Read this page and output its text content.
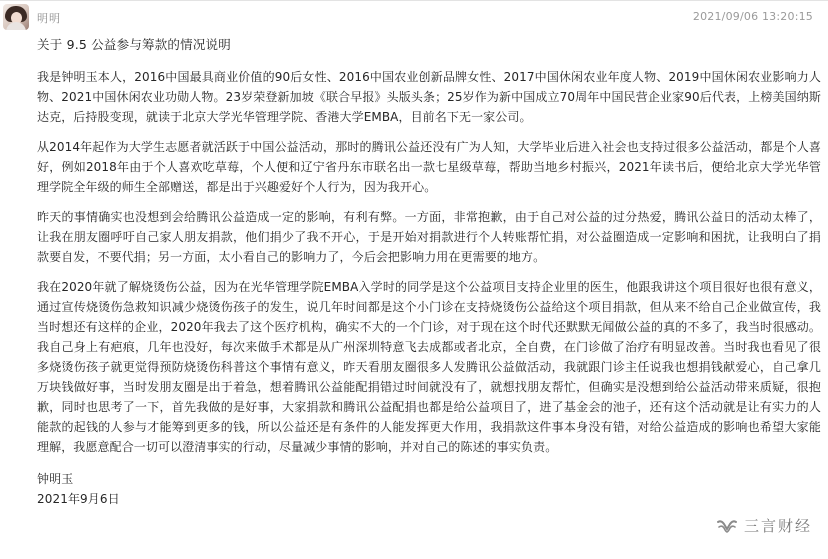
明明	2021/09/06 13:20:15
关于 9.5 公益参与筹款的情况说明

我是钟明玉本人，2016中国最具商业价值的90后女性、2016中国农业创新品牌女性、2017中国休闲农业年度人物、2019中国休闲农业影响力人物、2021中国休闲农业功勋人物。23岁荣登新加坡《联合早报》头版头条；25岁作为新中国成立70周年中国民营企业家90后代表，上榜美国纳斯达克，后持股变现，就读于北京大学光华管理学院、香港大学EMBA，目前名下无一家公司。

从2014年起作为大学生志愿者就活跃于中国公益活动，那时的腾讯公益还没有广为人知，大学毕业后进入社会也支持过很多公益活动，都是个人喜好，例如2018年由于个人喜欢吃草莓，个人便和辽宁省丹东市联名出一款七星级草莓，帮助当地乡村振兴，2021年读书后，便给北京大学光华管理学院全年级的师生全部赠送，都是出于兴趣爱好个人行为，因为我开心。

昨天的事情确实也没想到会给腾讯公益造成一定的影响，有利有弊。一方面，非常抱歉，由于自己对公益的过分热爱，腾讯公益日的活动太棒了，让我在朋友圈呼吁自己家人朋友捐款，他们捐少了我不开心，于是开始对捐款进行个人转账帮忙捐，对公益圈造成一定影响和困扰，让我明白了捐款要自发，不要代捐；另一方面，太小看自己的影响力了，今后会把影响力用在更需要的地方。

我在2020年就了解烧烫伤公益，因为在光华管理学院EMBA入学时的同学是这个公益项目支持企业里的医生，他跟我讲这个项目很好也很有意义，通过宣传烧烫伤急救知识减少烧烫伤孩子的发生，说几年时间都是这个小门诊在支持烧烫伤公益给这个项目捐款，但从来不给自己企业做宣传，我当时想还有这样的企业，2020年我去了这个医疗机构，确实不大的一个门诊，对于现在这个时代还默默无闻做公益的真的不多了，我当时很感动。我自己身上有疤痕，几年也没好，每次来做手术都是从广州深圳特意飞去成都或者北京，全自费，在门诊做了治疗有明显改善。当时我也看见了很多烧烫伤孩子就更觉得预防烧烫伤科普这个事情有意义，昨天看朋友圈很多人发腾讯公益做活动，我就跟门诊主任说我也想捐钱献爱心，自己拿几万块钱做好事，当时发朋友圈是出于着急，想着腾讯公益能配捐错过时间就没有了，就想找朋友帮忙，但确实是没想到给公益活动带来质疑，很抱歉，同时也思考了一下，首先我做的是好事，大家捐款和腾讯公益配捐也都是给公益项目了，进了基金会的池子，还有这个活动就是让有实力的人能款的起钱的人参与才能筹到更多的钱，所以公益还是有条件的人能发挥更大作用，我捐款这件事本身没有错，对给公益造成的影响也希望大家能理解，我愿意配合一切可以澄清事实的行动，尽量减少事情的影响，并对自己的陈述的事实负责。

钟明玉

2021年9月6日

三言财经
